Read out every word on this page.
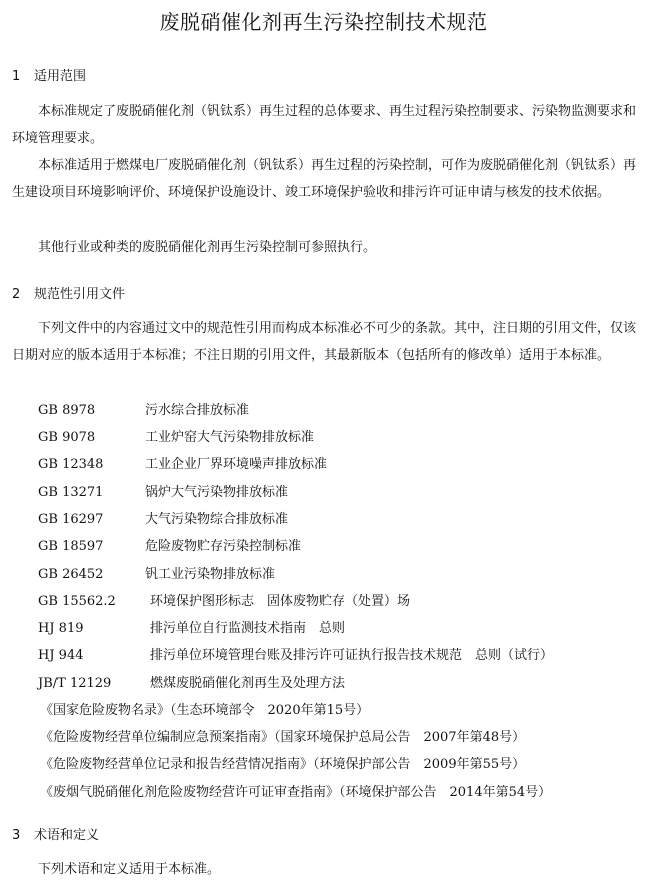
废脱硝催化剂再生污染控制技术规范
1 适用范围
本标准规定了废脱硝催化剂（钒钛系）再生过程的总体要求、再生过程污染控制要求、污染物监测要求和环境管理要求。
本标准适用于燃煤电厂废脱硝催化剂（钒钛系）再生过程的污染控制，可作为废脱硝催化剂（钒钛系）再生建设项目环境影响评价、环境保护设施设计、竣工环境保护验收和排污许可证申请与核发的技术依据。
其他行业或种类的废脱硝催化剂再生污染控制可参照执行。
2 规范性引用文件
下列文件中的内容通过文中的规范性引用而构成本标准必不可少的条款。其中，注日期的引用文件，仅该日期对应的版本适用于本标准；不注日期的引用文件，其最新版本（包括所有的修改单）适用于本标准。
GB 8978	污水综合排放标准
GB 9078	工业炉窑大气污染物排放标准
GB 12348	工业企业厂界环境噪声排放标准
GB 13271	锅炉大气污染物排放标准
GB 16297	大气污染物综合排放标准
GB 18597	危险废物贮存污染控制标准
GB 26452	钒工业污染物排放标准
GB 15562.2	环境保护图形标志　固体废物贮存（处置）场
HJ 819	排污单位自行监测技术指南　总则
HJ 944	排污单位环境管理台账及排污许可证执行报告技术规范　总则（试行）
JB/T 12129	燃煤废脱硝催化剂再生及处理方法
《国家危险废物名录》（生态环境部令　2020年第15号）
《危险废物经营单位编制应急预案指南》（国家环境保护总局公告　2007年第48号）
《危险废物经营单位记录和报告经营情况指南》（环境保护部公告　2009年第55号）
《废烟气脱硝催化剂危险废物经营许可证审查指南》（环境保护部公告　2014年第54号）
3 术语和定义
下列术语和定义适用于本标准。
